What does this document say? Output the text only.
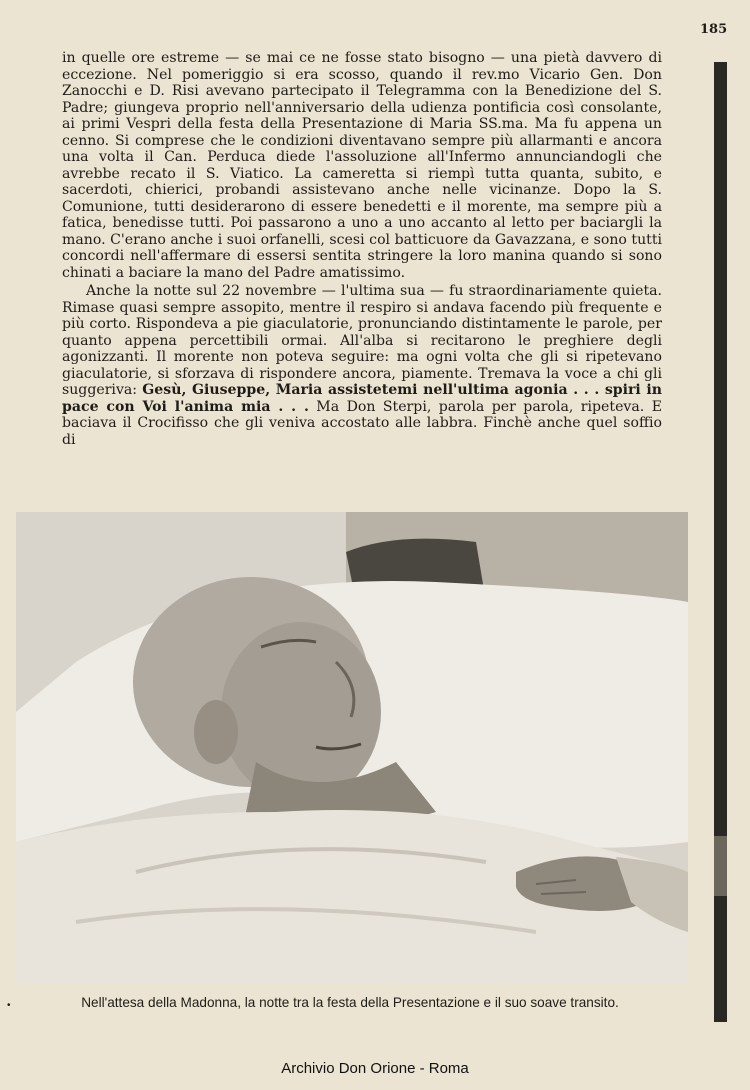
185

in quelle ore estreme — se mai ce ne fosse stato bisogno — una pietà davvero di eccezione. Nel pomeriggio si era scosso, quando il rev.mo Vicario Gen. Don Zanocchi e D. Risi avevano partecipato il Telegramma con la Benedizione del S. Padre; giungeva proprio nell'anniversario della udienza pontificia così consolante, ai primi Vespri della festa della Presentazione di Maria SS.ma. Ma fu appena un cenno. Si comprese che le condizioni diventavano sempre più allarmanti e ancora una volta il Can. Perduca diede l'assoluzione all'Infermo annunciandogli che avrebbe recato il S. Viatico. La cameretta si riempì tutta quanta, subito, e sacerdoti, chierici, probandi assistevano anche nelle vicinanze. Dopo la S. Comunione, tutti desiderarono di essere benedetti e il morente, ma sempre più a fatica, benedisse tutti. Poi passarono a uno a uno accanto al letto per baciargli la mano. C'erano anche i suoi orfanelli, scesi col batticuore da Gavazzana, e sono tutti concordi nell'affermare di essersi sentita stringere la loro manina quando si sono chinati a baciare la mano del Padre amatissimo.

Anche la notte sul 22 novembre — l'ultima sua — fu straordinariamente quieta. Rimase quasi sempre assopito, mentre il respiro si andava facendo più frequente e più corto. Rispondeva a pie giaculatorie, pronunciando distintamente le parole, per quanto appena percettibili ormai. All'alba si recitarono le preghiere degli agonizzanti. Il morente non poteva seguire: ma ogni volta che gli si ripetevano giaculatorie, si sforzava di rispondere ancora, piamente. Tremava la voce a chi gli suggeriva: Gesù, Giuseppe, Maria assistetemi nell'ultima agonia . . . spiri in pace con Voi l'anima mia . . . Ma Don Sterpi, parola per parola, ripeteva. E baciava il Crocifisso che gli veniva accostato alle labbra. Finchè anche quel soffio di

•	Nell'attesa della Madonna, la notte tra la festa della Presentazione e il suo soave transito.
Archivio Don Orione - Roma
